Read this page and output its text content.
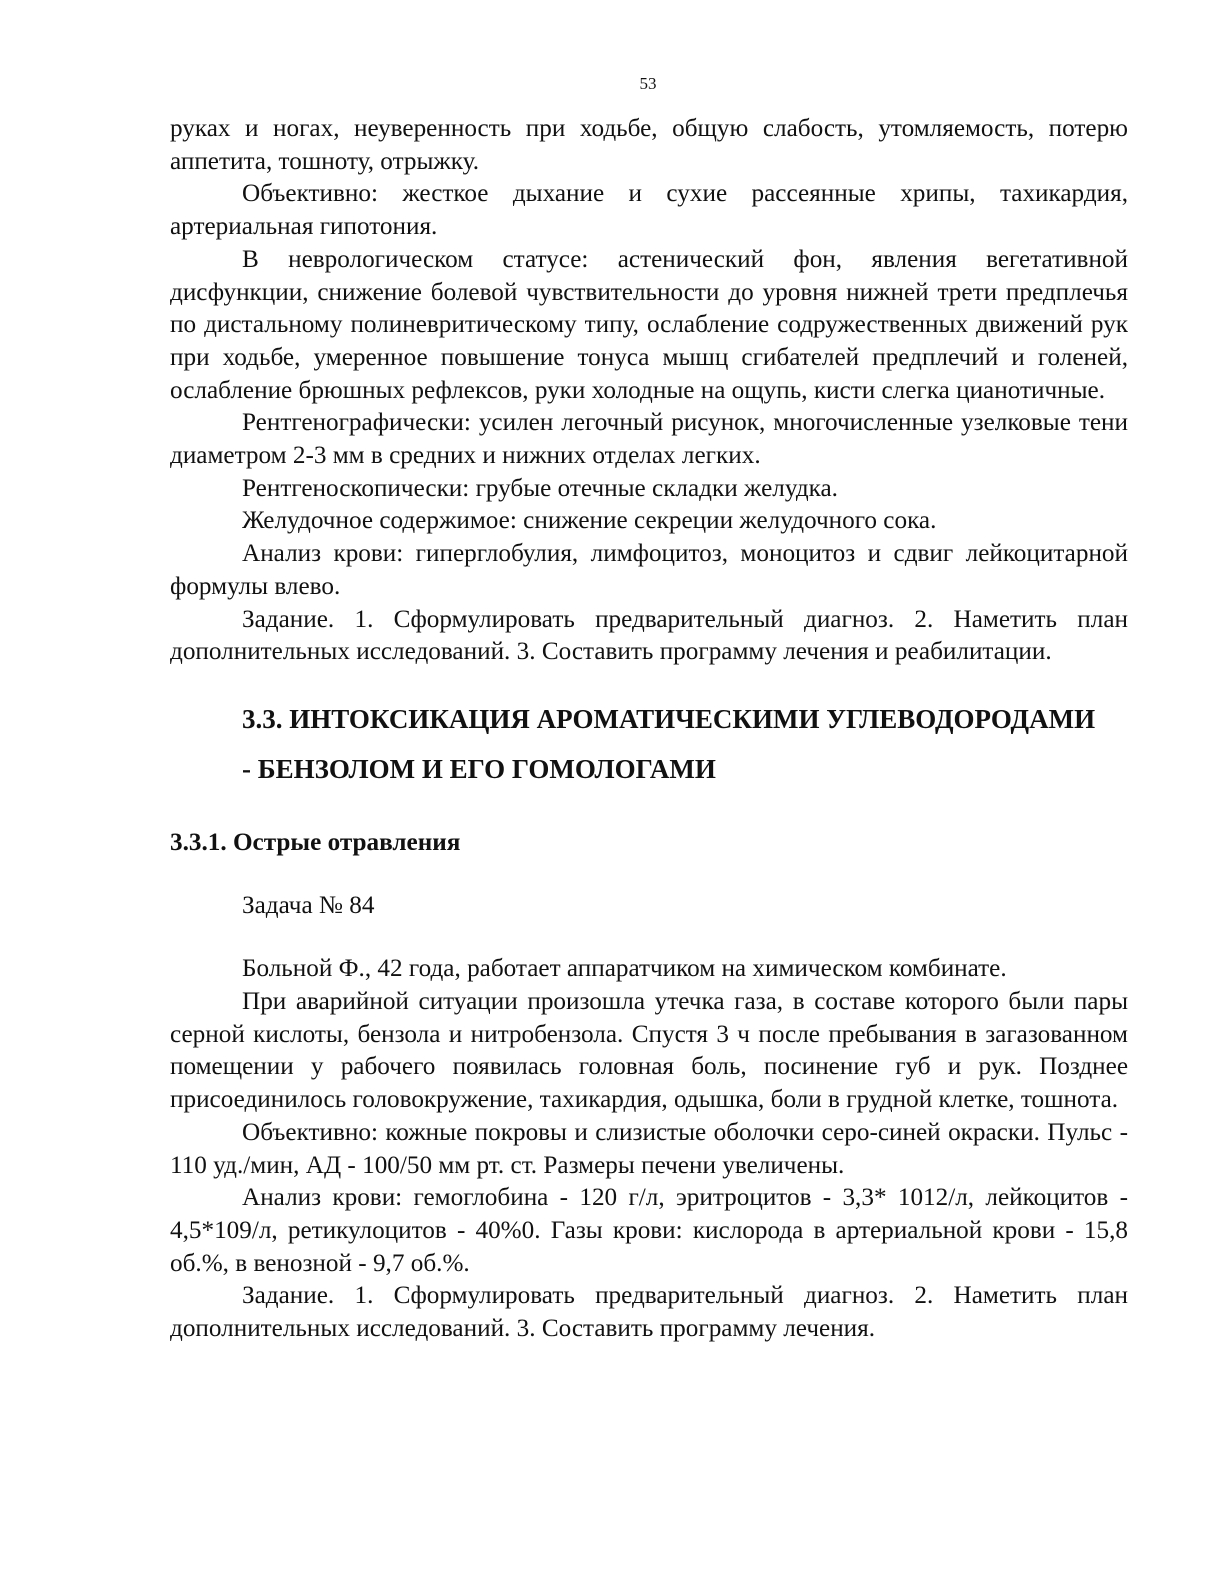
53

руках и ногах, неуверенность при ходьбе, общую слабость, утомляемость, потерю аппетита, тошноту, отрыжку.

Объективно: жесткое дыхание и сухие рассеянные хрипы, тахикардия, артериальная гипотония.

В неврологическом статусе: астенический фон, явления вегетативной дисфункции, снижение болевой чувствительности до уровня нижней трети предплечья по дистальному полиневритическому типу, ослабление содружественных движений рук при ходьбе, умеренное повышение тонуса мышц сгибателей предплечий и голеней, ослабление брюшных рефлексов, руки холодные на ощупь, кисти слегка цианотичные.

Рентгенографически: усилен легочный рисунок, многочисленные узелковые тени диаметром 2-3 мм в средних и нижних отделах легких.

Рентгеноскопически: грубые отечные складки желудка.

Желудочное содержимое: снижение секреции желудочного сока.

Анализ крови: гиперглобулия, лимфоцитоз, моноцитоз и сдвиг лейкоцитарной формулы влево.

Задание. 1. Сформулировать предварительный диагноз. 2. Наметить план дополнительных исследований. 3. Составить программу лечения и реабилитации.

3.3. ИНТОКСИКАЦИЯ АРОМАТИЧЕСКИМИ УГЛЕВОДОРОДАМИ

- БЕНЗОЛОМ И ЕГО ГОМОЛОГАМИ

3.3.1. Острые отравления

Задача № 84

Больной Ф., 42 года, работает аппаратчиком на химическом комбинате.

При аварийной ситуации произошла утечка газа, в составе которого были пары серной кислоты, бензола и нитробензола. Спустя 3 ч после пребывания в загазованном помещении у рабочего появилась головная боль, посинение губ и рук. Позднее присоединилось головокружение, тахикардия, одышка, боли в грудной клетке, тошнота.

Объективно: кожные покровы и слизистые оболочки серо-синей окраски. Пульс - 110 уд./мин, АД - 100/50 мм рт. ст. Размеры печени увеличены.

Анализ крови: гемоглобина - 120 г/л, эритроцитов - 3,3* 1012/л, лейкоцитов - 4,5*109/л, ретикулоцитов - 40%0. Газы крови: кислорода в артериальной крови - 15,8 об.%, в венозной - 9,7 об.%.

Задание. 1. Сформулировать предварительный диагноз. 2. Наметить план дополнительных исследований. 3. Составить программу лечения.
